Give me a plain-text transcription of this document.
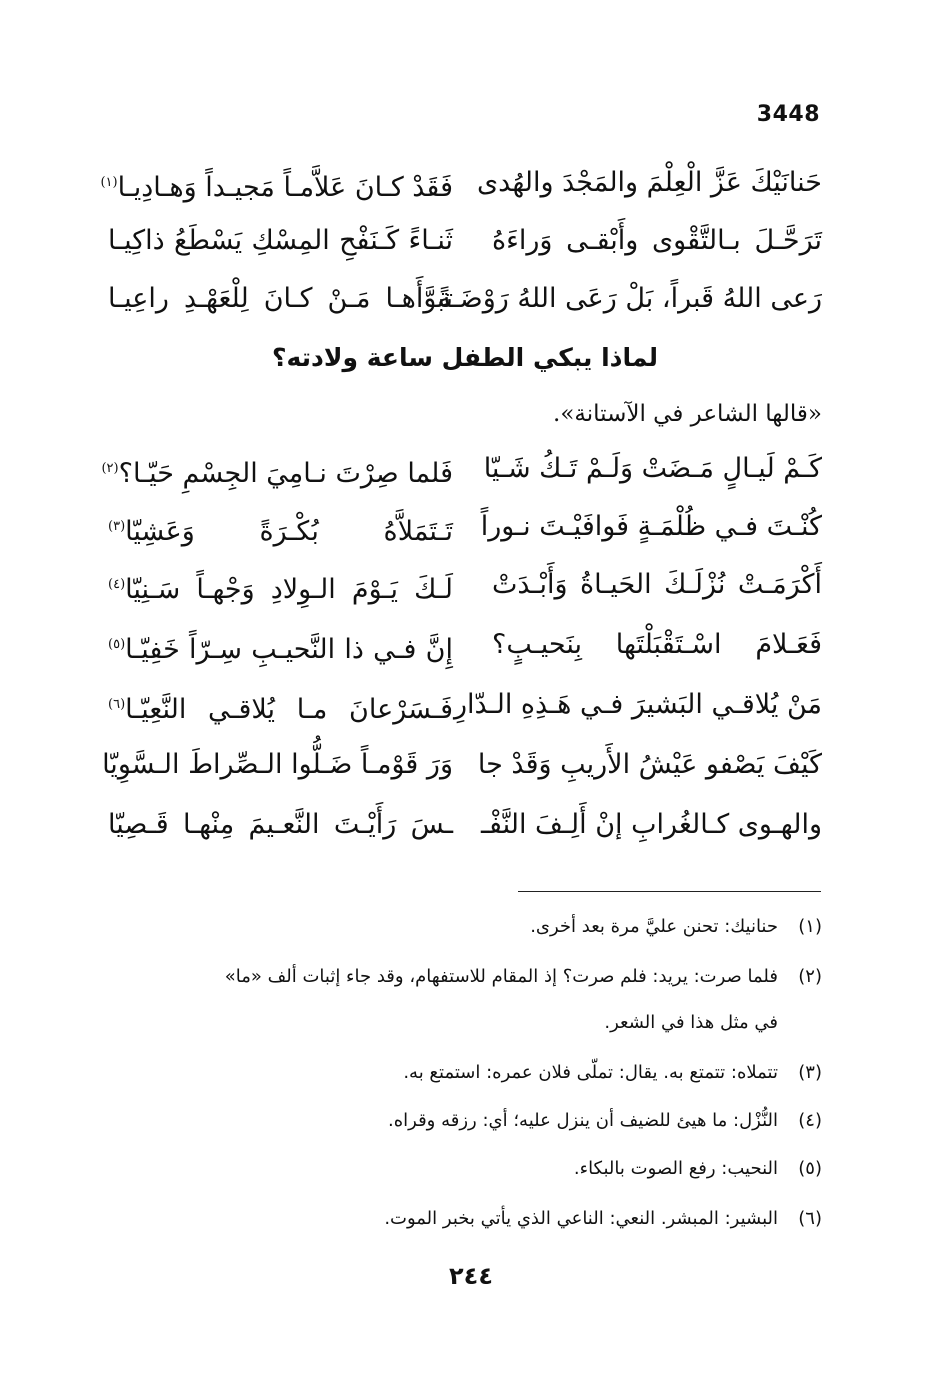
3448
حَنانَيْكَ عَزَّ الْعِلْمَ والمَجْدَ والهُدى
فَقَدْ كـانَ عَلاَّمـاً مَجيـداً وَهـادِيـا$^{(١)}$
تَرَحَّـلَ بـالتَّقْوى وأَبْقـى وَراءَهُ
ثَنـاءً كَـنَفْحِ المِسْكِ يَسْطَعُ ذاكِيـا
رَعى اللهُ قَبراً، بَلْ رَعَى اللهُ رَوْضَـةً
تبوَّأَهـا مَـنْ كـانَ لِلْعَهْـدِ راعِيـا
لماذا يبكي الطفل ساعة ولادته؟
«قالها الشاعر في الآستانة».
كَـمْ لَيـالٍ مَـضَتْ وَلَـمْ تَـكُ شَـيّا
فَلما صِرْتَ نـامِيَ الجِسْمِ حَيّـا؟$^{(٢)}$
كُنْـتَ فـي ظُلْمَـةٍ فَوافَيْـتَ نـوراً
تَـتَمَلاَّهُ بُكْـرَةً وَعَشِيّا$^{(٣)}$
أَكْرَمَـتْ نُزْلَـكَ الحَيـاةُ وَأَبْـدَتْ
لَـكَ يَـوْمَ الـوِلادِ وَجْهـاً سَـنِيّا$^{(٤)}$
فَعَـلامَ اسْـتَقْبَلْتَها بِنَحيـبٍ؟
إِنَّ فـي ذا النَّحيـبِ سِـرّاً خَفِيّـا$^{(٥)}$
مَنْ يُلاقـي البَشيرَ فـي هَـذِهِ الـدّارِ
فَـسَرْعانَ مـا يُلاقـي النَّعِيّـا$^{(٦)}$
كَيْفَ يَصْفو عَيْشُ الأَريبِ وَقَدْ جا
وَرَ قَوْمـاً ضَـلُّوا الـصِّراطَ الـسَّوِيّا
والهـوى كـالغُرابِ إنْ أَلِـفَ النَّفْـ
ـسَ رَأَيْـتَ النَّعـيمَ مِنْهـا قَـصِيّا
(١)حنانيك: تحنن عليَّ مرة بعد أخرى.
(٢)فلما صرت: يريد: فلم صرت؟ إذ المقام للاستفهام، وقد جاء إثبات ألف «ما»
في مثل هذا في الشعر.
(٣)تتملاه: تتمتع به. يقال: تملّى فلان عمره: استمتع به.
(٤)النُّزْل: ما هيئ للضيف أن ينزل عليه؛ أي: رزقه وقراه.
(٥)النحيب: رفع الصوت بالبكاء.
(٦)البشير: المبشر. النعي: الناعي الذي يأتي بخبر الموت.
٢٤٤
